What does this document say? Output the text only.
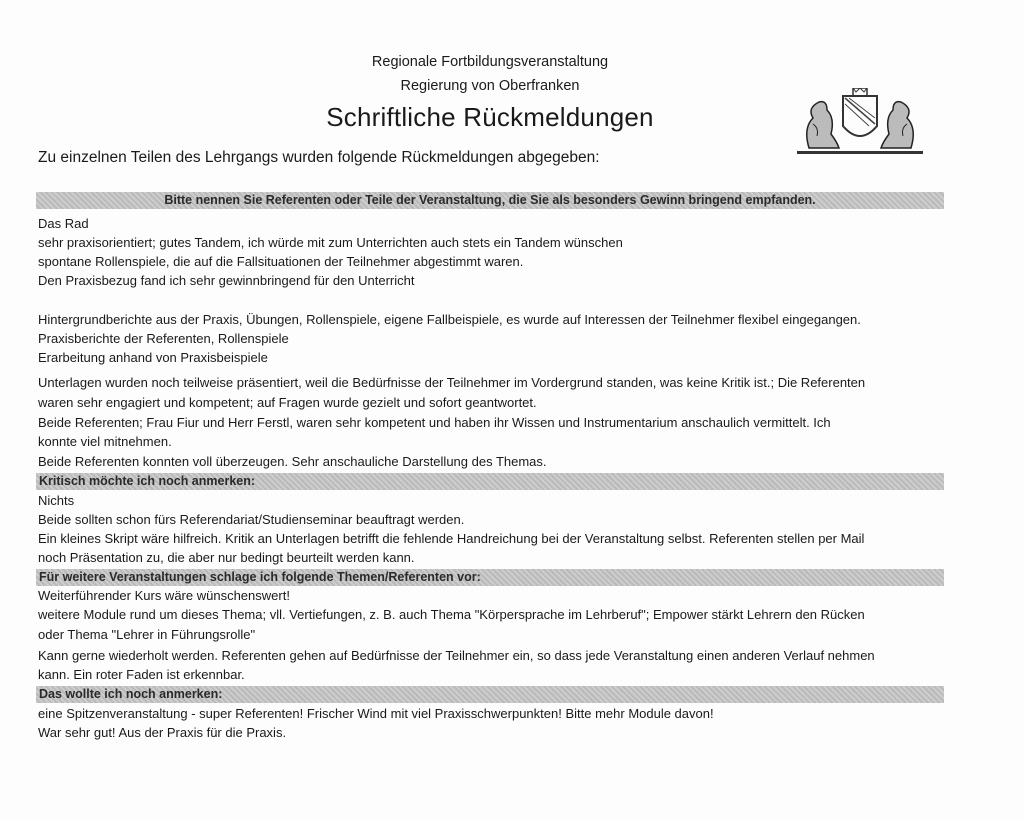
Regionale Fortbildungsveranstaltung
Regierung von Oberfranken
Schriftliche Rückmeldungen
Zu einzelnen Teilen des Lehrgangs wurden folgende Rückmeldungen abgegeben:
Bitte nennen Sie Referenten oder Teile der Veranstaltung, die Sie als besonders Gewinn bringend empfanden.
Das Rad
sehr praxisorientiert; gutes Tandem, ich würde mit zum Unterrichten auch stets ein Tandem wünschen
spontane Rollenspiele, die auf die Fallsituationen der Teilnehmer abgestimmt waren.
Den Praxisbezug fand ich sehr gewinnbringend für den Unterricht
Hintergrundberichte aus der Praxis, Übungen, Rollenspiele, eigene Fallbeispiele, es wurde auf Interessen der Teilnehmer flexibel eingegangen.
Praxisberichte der Referenten, Rollenspiele
Erarbeitung anhand von Praxisbeispiele
Unterlagen wurden noch teilweise präsentiert, weil die Bedürfnisse der Teilnehmer im Vordergrund standen, was keine Kritik ist.; Die Referenten
waren sehr engagiert und kompetent; auf Fragen wurde gezielt und sofort geantwortet.
Beide Referenten; Frau Fiur und Herr Ferstl, waren sehr kompetent und haben ihr Wissen und Instrumentarium anschaulich vermittelt. Ich
konnte viel mitnehmen.
Beide Referenten konnten voll überzeugen. Sehr anschauliche Darstellung des Themas.
Kritisch möchte ich noch anmerken:
Nichts
Beide sollten schon fürs Referendariat/Studienseminar beauftragt werden.
Ein kleines Skript wäre hilfreich. Kritik an Unterlagen betrifft die fehlende Handreichung bei der Veranstaltung selbst. Referenten stellen per Mail
noch Präsentation zu, die aber nur bedingt beurteilt werden kann.
Für weitere Veranstaltungen schlage ich folgende Themen/Referenten vor:
Weiterführender Kurs wäre wünschenswert!
weitere Module rund um dieses Thema; vll. Vertiefungen, z. B. auch Thema "Körpersprache im Lehrberuf"; Empower stärkt Lehrern den Rücken
oder Thema "Lehrer in Führungsrolle"
Kann gerne wiederholt werden. Referenten gehen auf Bedürfnisse der Teilnehmer ein, so dass jede Veranstaltung einen anderen Verlauf nehmen
kann. Ein roter Faden ist erkennbar.
Das wollte ich noch anmerken:
eine Spitzenveranstaltung - super Referenten! Frischer Wind mit viel Praxisschwerpunkten! Bitte mehr Module davon!
War sehr gut! Aus der Praxis für die Praxis.
